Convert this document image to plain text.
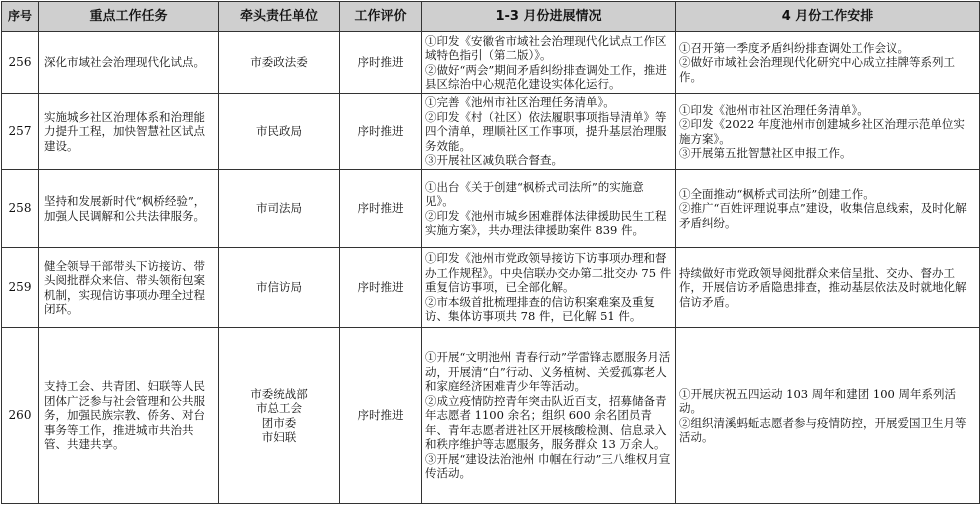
序号	重点工作任务	牵头责任单位	工作评价	1-3 月份进展情况	4 月份工作安排
256	深化市域社会治理现代化试点。	市委政法委	序时推进	①印发《安徽省市域社会治理现代化试点工作区域特色指引（第二版）》。
②做好“两会”期间矛盾纠纷排查调处工作，推进县区综治中心规范化建设实体化运行。	①召开第一季度矛盾纠纷排查调处工作会议。
②做好市域社会治理现代化研究中心成立挂牌等系列工作。

257	实施城乡社区治理体系和治理能力提升工程，加快智慧社区试点建设。	市民政局	序时推进	①完善《池州市社区治理任务清单》。
②印发《村（社区）依法履职事项指导清单》等四个清单，理顺社区工作事项，提升基层治理服务效能。
③开展社区减负联合督查。	①印发《池州市社区治理任务清单》。
②印发《2022 年度池州市创建城乡社区治理示范单位实施方案》。
③开展第五批智慧社区申报工作。

258	坚持和发展新时代“枫桥经验”，加强人民调解和公共法律服务。	市司法局	序时推进	①出台《关于创建“枫桥式司法所”的实施意见》。
②印发《池州市城乡困难群体法律援助民生工程实施方案》，共办理法律援助案件 839 件。	①全面推动“枫桥式司法所”创建工作。
②推广“百姓评理说事点”建设，收集信息线索，及时化解矛盾纠纷。

259	健全领导干部带头下访接访、带头阅批群众来信、带头领衔包案机制，实现信访事项办理全过程闭环。	市信访局	序时推进	①印发《池州市党政领导接访下访事项办理和督办工作规程》。中央信联办交办第二批交办 75 件重复信访事项，已全部化解。
②市本级首批梳理排查的信访积案难案及重复访、集体访事项共 78 件，已化解 51 件。	持续做好市党政领导阅批群众来信呈批、交办、督办工作，开展信访矛盾隐患排查，推动基层依法及时就地化解信访矛盾。

260	支持工会、共青团、妇联等人民团体广泛参与社会管理和公共服务，加强民族宗教、侨务、对台事务等工作，推进城市共治共管、共建共享。	市委统战部
市总工会
团市委
市妇联	序时推进	①开展“文明池州 青春行动”学雷锋志愿服务月活动，开展清“白”行动、义务植树、关爱孤寡老人和家庭经济困难青少年等活动。
②成立疫情防控青年突击队近百支，招募储备青年志愿者 1100 余名；组织 600 余名团员青年、青年志愿者进社区开展核酸检测、信息录入和秩序维护等志愿服务，服务群众 13 万余人。
③开展“建设法治池州 巾帼在行动”三八维权月宣传活动。	①开展庆祝五四运动 103 周年和建团 100 周年系列活动。
②组织清溪蚂蚯志愿者参与疫情防控，开展爱国卫生月等活动。
